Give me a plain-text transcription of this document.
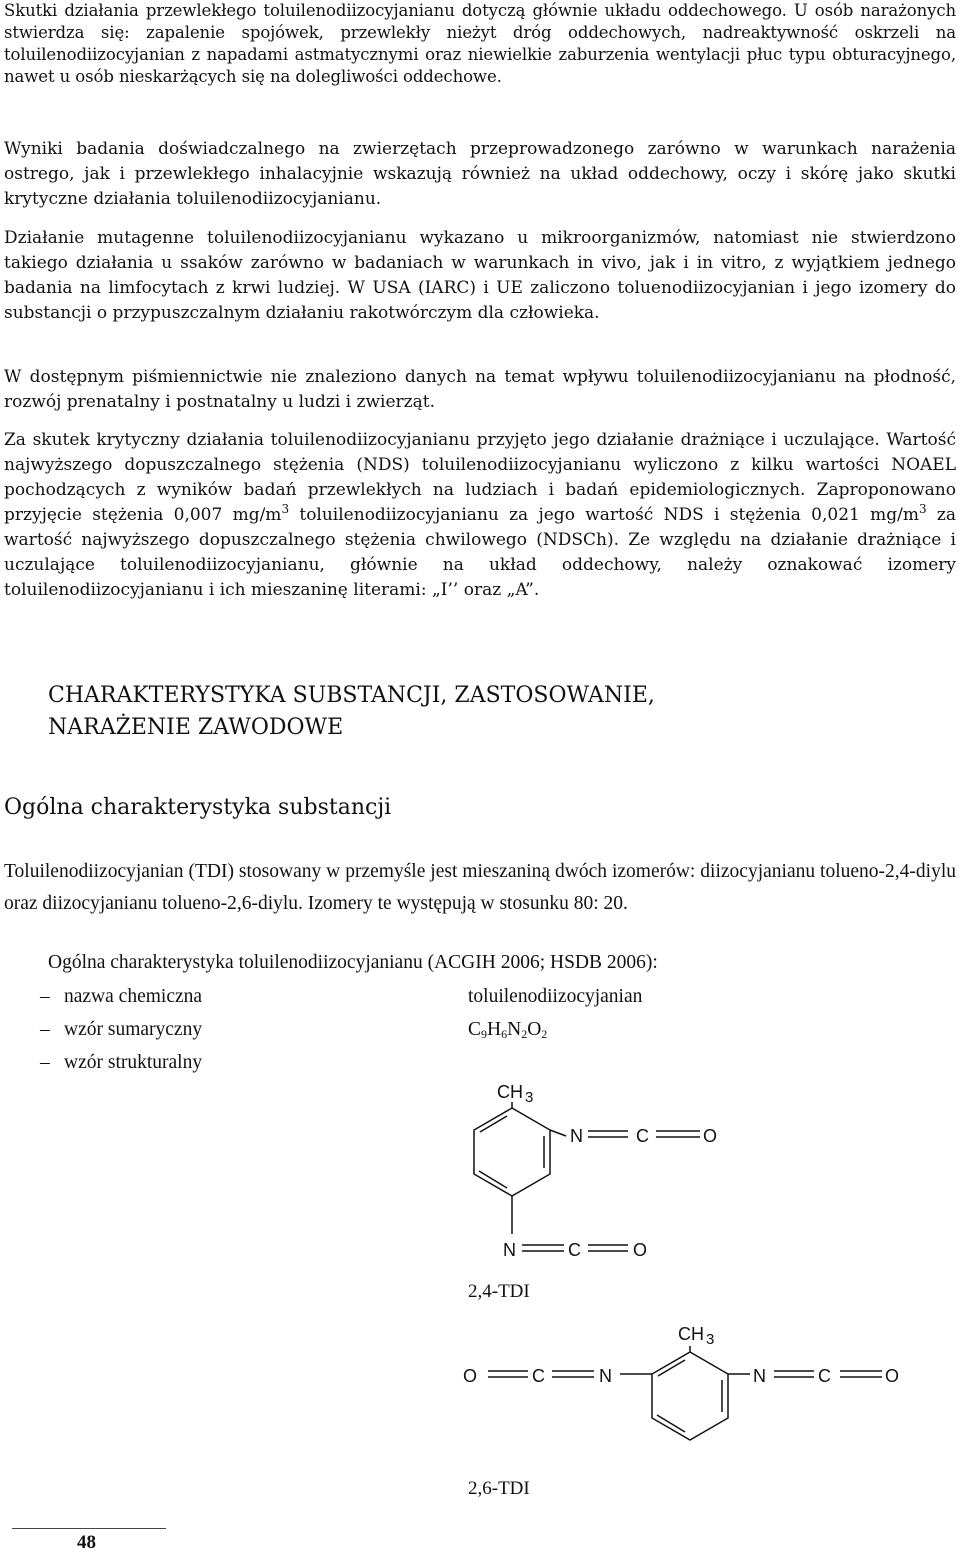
Skutki działania przewlekłego toluilenodiizocyjanianu dotyczą głównie układu oddechowego. U osób narażonych stwierdza się: zapalenie spojówek, przewlekły nieżyt dróg oddechowych, nadreaktywność oskrzeli na toluilenodiizocyjanian z napadami astmatycznymi oraz niewielkie zaburzenia wentylacji płuc typu obturacyjnego, nawet u osób nieskarżących się na dolegliwości oddechowe.

Wyniki badania doświadczalnego na zwierzętach przeprowadzonego zarówno w warunkach narażenia ostrego, jak i przewlekłego inhalacyjnie wskazują również na układ oddechowy, oczy i skórę jako skutki krytyczne działania toluilenodiizocyjanianu.

Działanie mutagenne toluilenodiizocyjanianu wykazano u mikroorganizmów, natomiast nie stwierdzono takiego działania u ssaków zarówno w badaniach w warunkach in vivo, jak i in vitro, z wyjątkiem jednego badania na limfocytach z krwi ludziej. W USA (IARC) i UE zaliczono toluenodiizocyjanian i jego izomery do substancji o przypuszczalnym działaniu rakotwórczym dla człowieka.

W dostępnym piśmiennictwie nie znaleziono danych na temat wpływu toluilenodiizocyjanianu na płodność, rozwój prenatalny i postnatalny u ludzi i zwierząt.

Za skutek krytyczny działania toluilenodiizocyjanianu przyjęto jego działanie drażniące i uczulające. Wartość najwyższego dopuszczalnego stężenia (NDS) toluilenodiizocyjanianu wyliczono z kilku wartości NOAEL pochodzących z wyników badań przewlekłych na ludziach i badań epidemiologicznych. Zaproponowano przyjęcie stężenia 0,007 $mg/m^3$ toluilenodiizocyjanianu za jego wartość NDS i stężenia 0,021 $mg/m^3$ za wartość najwyższego dopuszczalnego stężenia chwilowego (NDSCh). Ze względu na działanie drażniące i uczulające toluilenodiizocyjanianu, głównie na układ oddechowy, należy oznakować izomery toluilenodiizocyjanianu i ich mieszaninę literami: „I’’ oraz „A”.

CHARAKTERYSTYKA SUBSTANCJI, ZASTOSOWANIE,
NARAŻENIE ZAWODOWE
Ogólna charakterystyka substancji

Toluilenodiizocyjanian (TDI) stosowany w przemyśle jest mieszaniną dwóch izomerów: diizocyjanianu tolueno-2,4-diylu oraz diizocyjanianu tolueno-2,6-diylu. Izomery te występują w stosunku 80: 20.

Ogólna charakterystyka toluilenodiizocyjanianu (ACGIH 2006; HSDB 2006):

– nazwa chemiczna	toluilenodiizocyjanian
– wzór sumaryczny	$C_9H_6N_2O_2$
– wzór strukturalny
CH $_3$
N	C	O
N	C	O
CH $_3$
O	C	N	N	C	O
2,4-TDI
2,6-TDI
48
